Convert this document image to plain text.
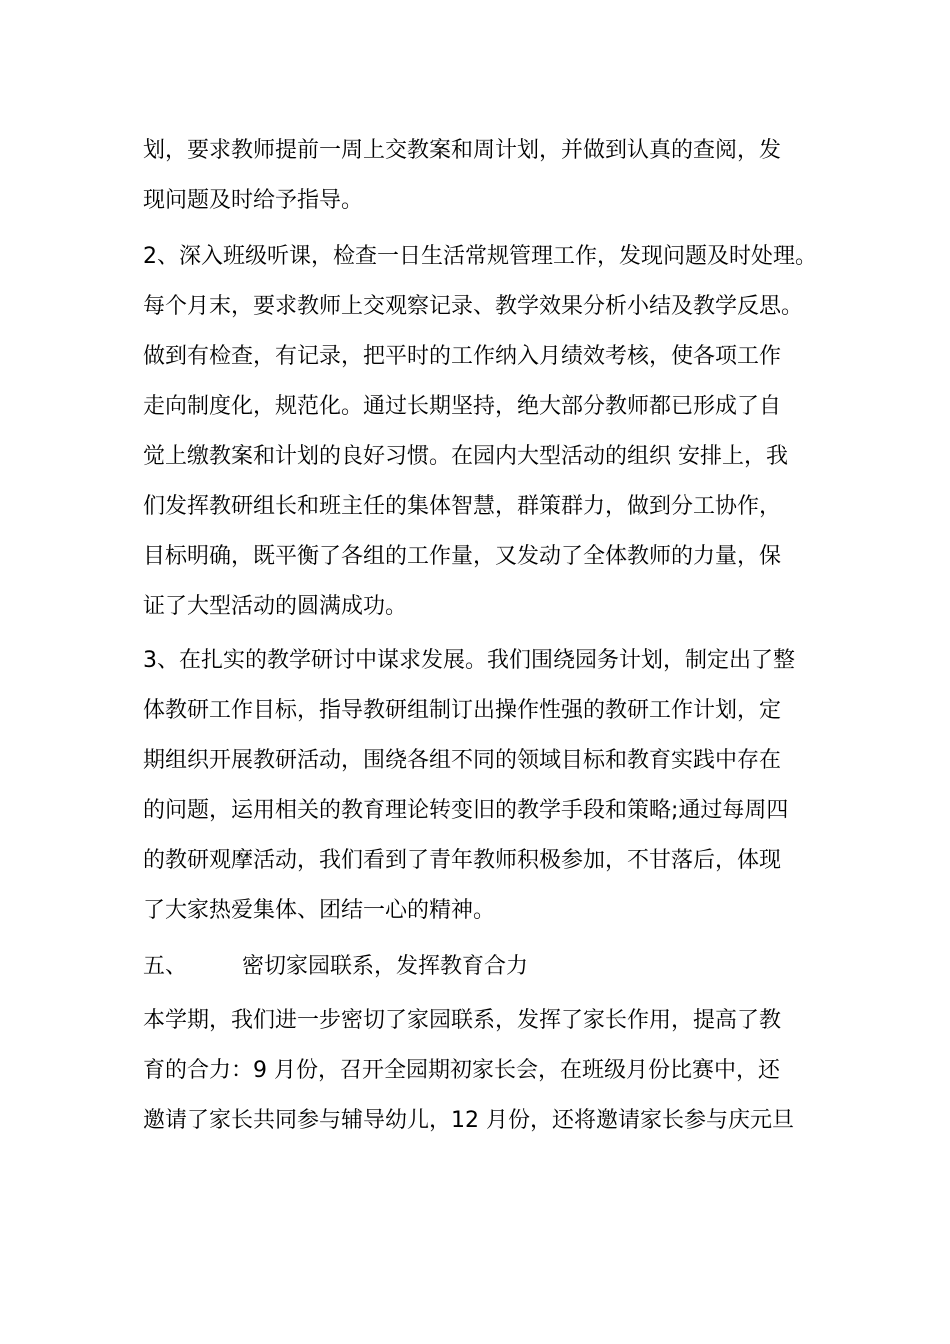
划，要求教师提前一周上交教案和周计划，并做到认真的查阅，发
现问题及时给予指导。
2、深入班级听课，检查一日生活常规管理工作，发现问题及时处理。
每个月末，要求教师上交观察记录、教学效果分析小结及教学反思。
做到有检查，有记录，把平时的工作纳入月绩效考核，使各项工作
走向制度化，规范化。通过长期坚持，绝大部分教师都已形成了自
觉上缴教案和计划的良好习惯。在园内大型活动的组织 安排上，我
们发挥教研组长和班主任的集体智慧，群策群力，做到分工协作，
目标明确，既平衡了各组的工作量，又发动了全体教师的力量，保
证了大型活动的圆满成功。
3、在扎实的教学研讨中谋求发展。我们围绕园务计划，制定出了整
体教研工作目标，指导教研组制订出操作性强的教研工作计划，定
期组织开展教研活动，围绕各组不同的领域目标和教育实践中存在
的问题，运用相关的教育理论转变旧的教学手段和策略;通过每周四
的教研观摩活动，我们看到了青年教师积极参加，不甘落后，体现
了大家热爱集体、团结一心的精神。
五、 密切家园联系，发挥教育合力
本学期，我们进一步密切了家园联系，发挥了家长作用，提高了教
育的合力：9 月份，召开全园期初家长会，在班级月份比赛中，还
邀请了家长共同参与辅导幼儿，12 月份，还将邀请家长参与庆元旦
